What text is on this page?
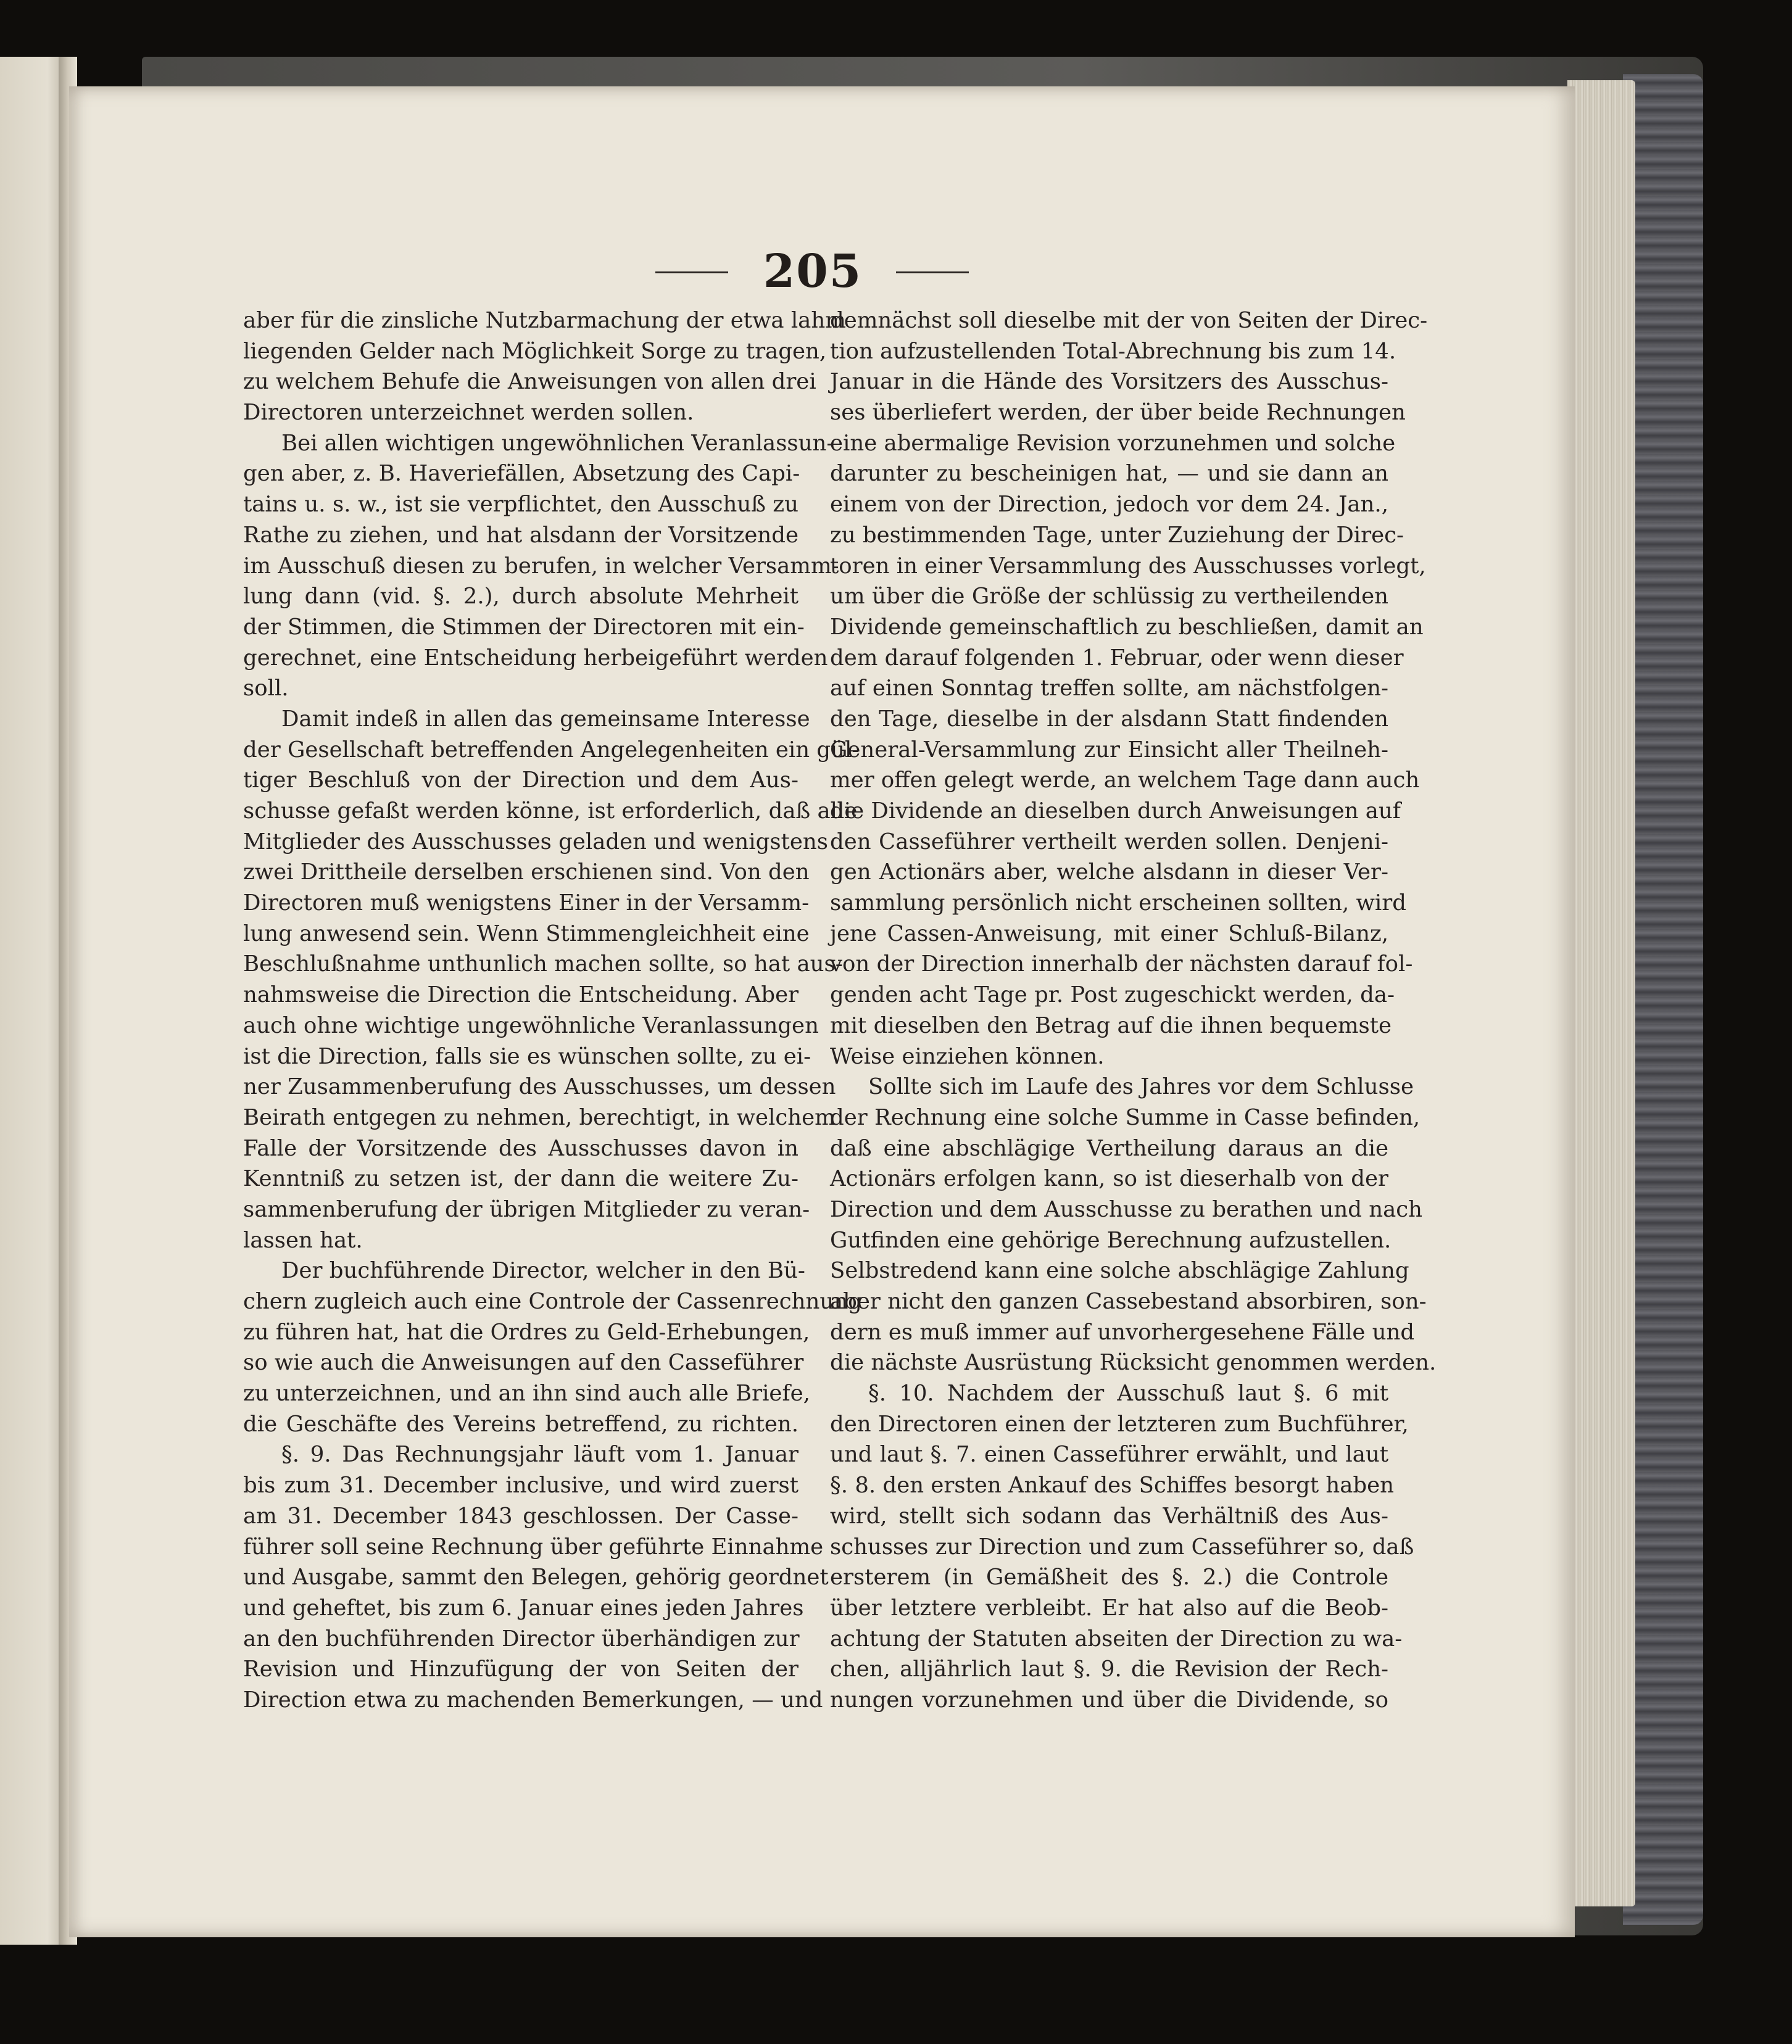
205
aber für die zinsliche Nutzbarmachung der etwa lahm
liegenden Gelder nach Möglichkeit Sorge zu tragen,
zu welchem Behufe die Anweisungen von allen drei
Directoren unterzeichnet werden sollen.
Bei allen wichtigen ungewöhnlichen Veranlassun-
gen aber, z. B. Haveriefällen, Absetzung des Capi-
tains u. s. w., ist sie verpflichtet, den Ausschuß zu
Rathe zu ziehen, und hat alsdann der Vorsitzende
im Ausschuß diesen zu berufen, in welcher Versamm-
lung dann (vid. §. 2.), durch absolute Mehrheit
der Stimmen, die Stimmen der Directoren mit ein-
gerechnet, eine Entscheidung herbeigeführt werden
soll.
Damit indeß in allen das gemeinsame Interesse
der Gesellschaft betreffenden Angelegenheiten ein gül-
tiger Beschluß von der Direction und dem Aus-
schusse gefaßt werden könne, ist erforderlich, daß alle
Mitglieder des Ausschusses geladen und wenigstens
zwei Drittheile derselben erschienen sind. Von den
Directoren muß wenigstens Einer in der Versamm-
lung anwesend sein. Wenn Stimmengleichheit eine
Beschlußnahme unthunlich machen sollte, so hat aus-
nahmsweise die Direction die Entscheidung. Aber
auch ohne wichtige ungewöhnliche Veranlassungen
ist die Direction, falls sie es wünschen sollte, zu ei-
ner Zusammenberufung des Ausschusses, um dessen
Beirath entgegen zu nehmen, berechtigt, in welchem
Falle der Vorsitzende des Ausschusses davon in
Kenntniß zu setzen ist, der dann die weitere Zu-
sammenberufung der übrigen Mitglieder zu veran-
lassen hat.
Der buchführende Director, welcher in den Bü-
chern zugleich auch eine Controle der Cassenrechnung
zu führen hat, hat die Ordres zu Geld-Erhebungen,
so wie auch die Anweisungen auf den Casseführer
zu unterzeichnen, und an ihn sind auch alle Briefe,
die Geschäfte des Vereins betreffend, zu richten.
§. 9. Das Rechnungsjahr läuft vom 1. Januar
bis zum 31. December inclusive, und wird zuerst
am 31. December 1843 geschlossen. Der Casse-
führer soll seine Rechnung über geführte Einnahme
und Ausgabe, sammt den Belegen, gehörig geordnet
und geheftet, bis zum 6. Januar eines jeden Jahres
an den buchführenden Director überhändigen zur
Revision und Hinzufügung der von Seiten der
Direction etwa zu machenden Bemerkungen, — und
demnächst soll dieselbe mit der von Seiten der Direc-
tion aufzustellenden Total-Abrechnung bis zum 14.
Januar in die Hände des Vorsitzers des Ausschus-
ses überliefert werden, der über beide Rechnungen
eine abermalige Revision vorzunehmen und solche
darunter zu bescheinigen hat, — und sie dann an
einem von der Direction, jedoch vor dem 24. Jan.,
zu bestimmenden Tage, unter Zuziehung der Direc-
toren in einer Versammlung des Ausschusses vorlegt,
um über die Größe der schlüssig zu vertheilenden
Dividende gemeinschaftlich zu beschließen, damit an
dem darauf folgenden 1. Februar, oder wenn dieser
auf einen Sonntag treffen sollte, am nächstfolgen-
den Tage, dieselbe in der alsdann Statt findenden
General-Versammlung zur Einsicht aller Theilneh-
mer offen gelegt werde, an welchem Tage dann auch
die Dividende an dieselben durch Anweisungen auf
den Casseführer vertheilt werden sollen. Denjeni-
gen Actionärs aber, welche alsdann in dieser Ver-
sammlung persönlich nicht erscheinen sollten, wird
jene Cassen-Anweisung, mit einer Schluß-Bilanz,
von der Direction innerhalb der nächsten darauf fol-
genden acht Tage pr. Post zugeschickt werden, da-
mit dieselben den Betrag auf die ihnen bequemste
Weise einziehen können.
Sollte sich im Laufe des Jahres vor dem Schlusse
der Rechnung eine solche Summe in Casse befinden,
daß eine abschlägige Vertheilung daraus an die
Actionärs erfolgen kann, so ist dieserhalb von der
Direction und dem Ausschusse zu berathen und nach
Gutfinden eine gehörige Berechnung aufzustellen.
Selbstredend kann eine solche abschlägige Zahlung
aber nicht den ganzen Cassebestand absorbiren, son-
dern es muß immer auf unvorhergesehene Fälle und
die nächste Ausrüstung Rücksicht genommen werden.
§. 10. Nachdem der Ausschuß laut §. 6 mit
den Directoren einen der letzteren zum Buchführer,
und laut §. 7. einen Casseführer erwählt, und laut
§. 8. den ersten Ankauf des Schiffes besorgt haben
wird, stellt sich sodann das Verhältniß des Aus-
schusses zur Direction und zum Casseführer so, daß
ersterem (in Gemäßheit des §. 2.) die Controle
über letztere verbleibt. Er hat also auf die Beob-
achtung der Statuten abseiten der Direction zu wa-
chen, alljährlich laut §. 9. die Revision der Rech-
nungen vorzunehmen und über die Dividende, so
